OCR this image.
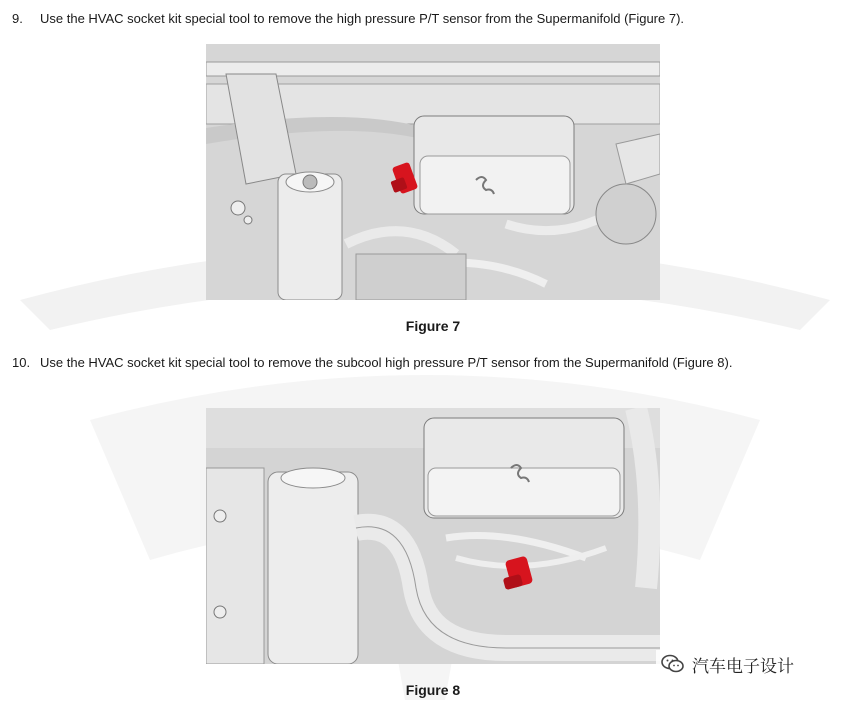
9. Use the HVAC socket kit special tool to remove the high pressure P/T sensor from the Supermanifold (Figure 7).
Figure 7
10. Use the HVAC socket kit special tool to remove the subcool high pressure P/T sensor from the Supermanifold (Figure 8).
Figure 8
汽车电子设计
